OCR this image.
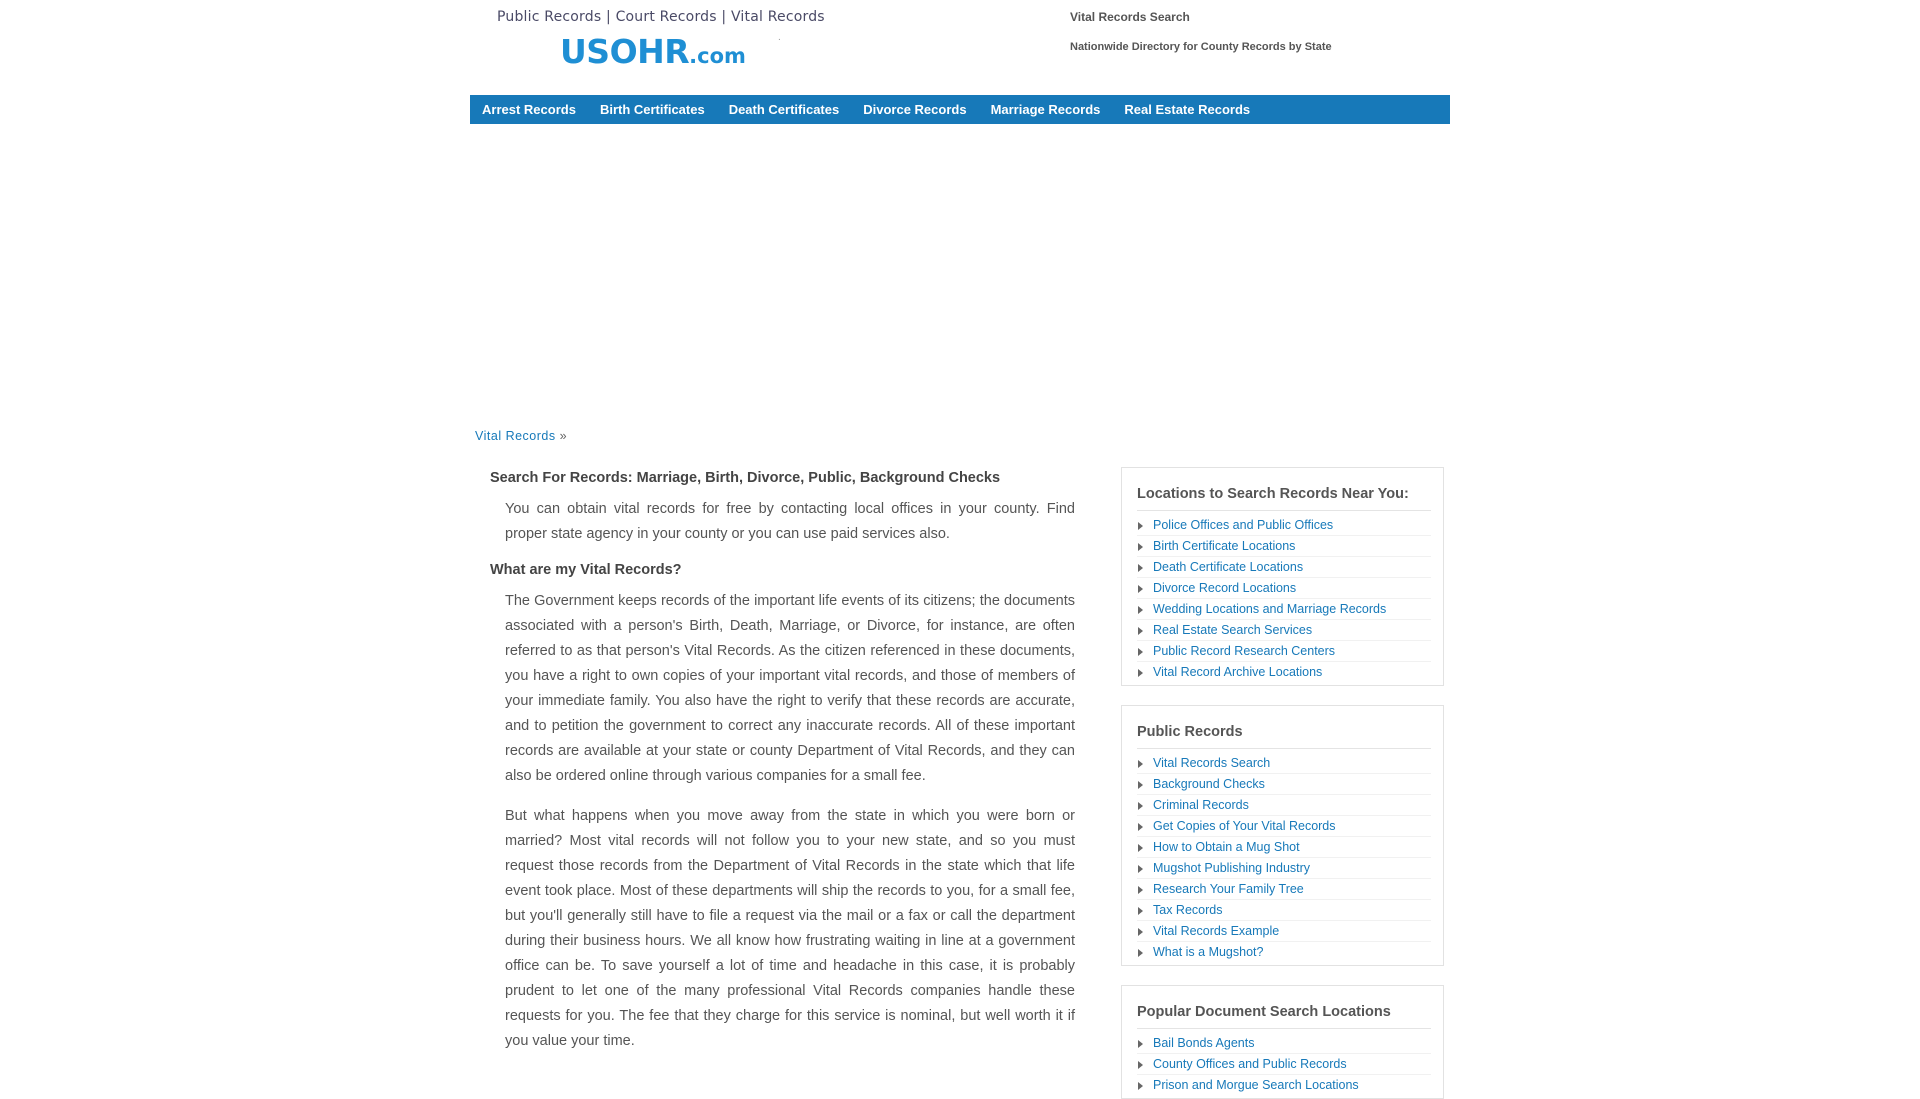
Public Records | Court Records | Vital Records
USOHR.com
.
Vital Records Search
Nationwide Directory for County Records by State
Arrest Records	Birth Certificates	Death Certificates	Divorce Records	Marriage Records	Real Estate Records
Vital Records »
Search For Records: Marriage, Birth, Divorce, Public, Background Checks

You can obtain vital records for free by contacting local offices in your county. Find proper state agency in your county or you can use paid services also.

What are my Vital Records?

The Government keeps records of the important life events of its citizens; the documents associated with a person's Birth, Death, Marriage, or Divorce, for instance, are often referred to as that person's Vital Records. As the citizen referenced in these documents, you have a right to own copies of your important vital records, and those of members of your immediate family. You also have the right to verify that these records are accurate, and to petition the government to correct any inaccurate records. All of these important records are available at your state or county Department of Vital Records, and they can also be ordered online through various companies for a small fee.

But what happens when you move away from the state in which you were born or married? Most vital records will not follow you to your new state, and so you must request those records from the Department of Vital Records in the state which that life event took place. Most of these departments will ship the records to you, for a small fee, but you'll generally still have to file a request via the mail or a fax or call the department during their business hours. We all know how frustrating waiting in line at a government office can be. To save yourself a lot of time and headache in this case, it is probably prudent to let one of the many professional Vital Records companies handle these requests for you. The fee that they charge for this service is nominal, but well worth it if you value your time.

Locations to Search Records Near You:
Police Offices and Public Offices
Birth Certificate Locations
Death Certificate Locations
Divorce Record Locations
Wedding Locations and Marriage Records
Real Estate Search Services
Public Record Research Centers
Vital Record Archive Locations
Public Records
Vital Records Search
Background Checks
Criminal Records
Get Copies of Your Vital Records
How to Obtain a Mug Shot
Mugshot Publishing Industry
Research Your Family Tree
Tax Records
Vital Records Example
What is a Mugshot?
Popular Document Search Locations
Bail Bonds Agents
County Offices and Public Records
Prison and Morgue Search Locations
